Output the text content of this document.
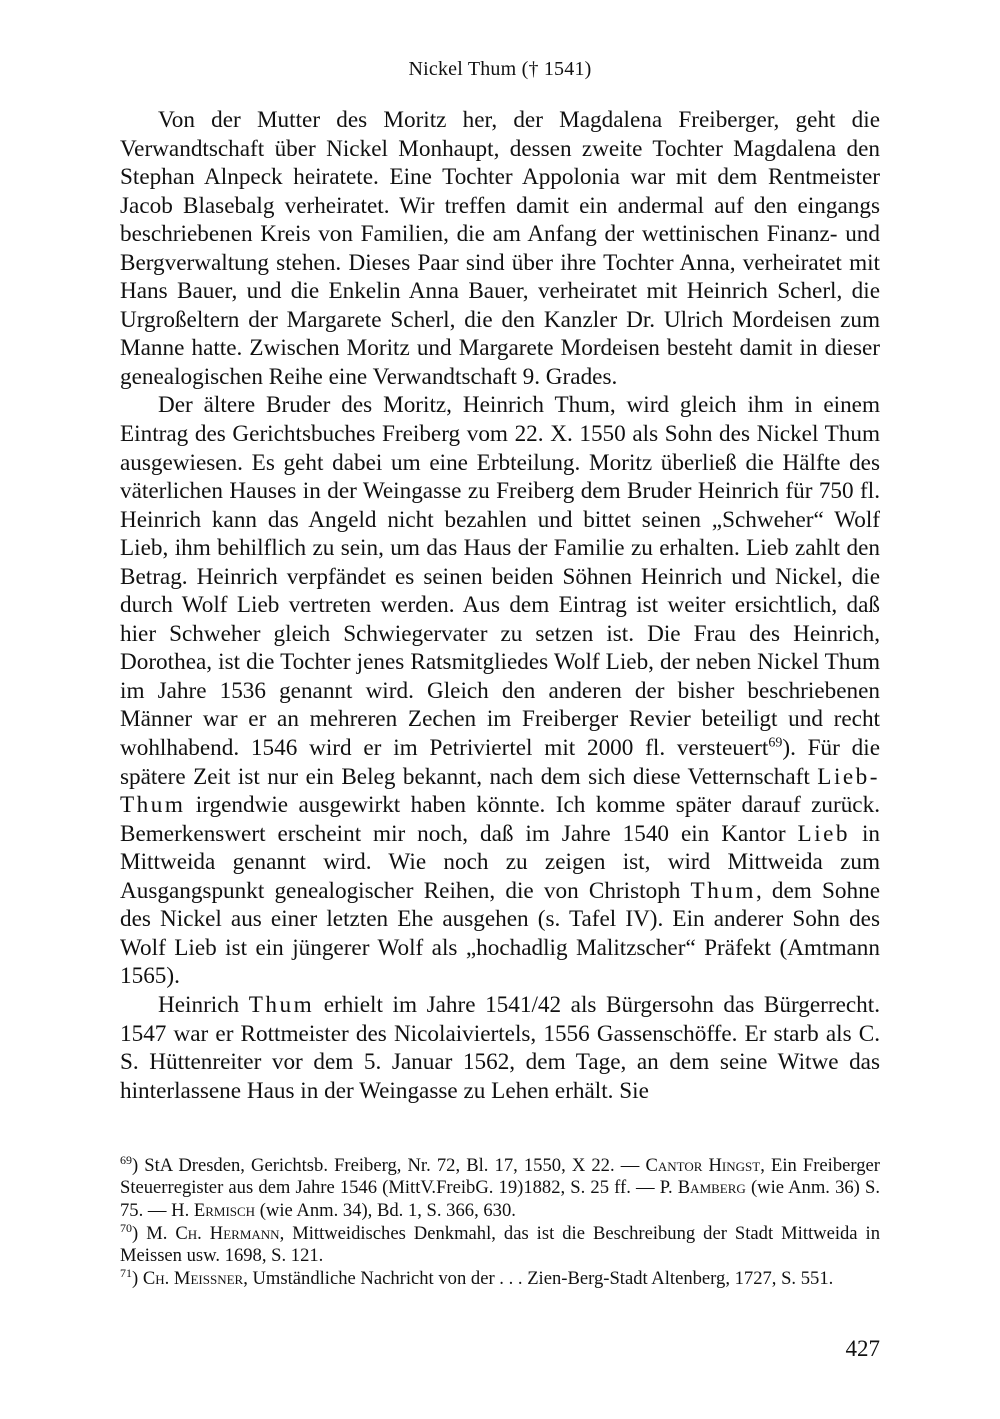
Nickel Thum († 1541)

Von der Mutter des Moritz her, der Magdalena Freiberger, geht die Verwandtschaft über Nickel Monhaupt, dessen zweite Tochter Magdalena den Stephan Alnpeck heiratete. Eine Tochter Appolonia war mit dem Rentmeister Jacob Blasebalg verheiratet. Wir treffen damit ein andermal auf den eingangs beschriebenen Kreis von Familien, die am Anfang der wettinischen Finanz- und Bergverwaltung stehen. Dieses Paar sind über ihre Tochter Anna, verheiratet mit Hans Bauer, und die Enkelin Anna Bauer, verheiratet mit Heinrich Scherl, die Urgroßeltern der Margarete Scherl, die den Kanzler Dr. Ulrich Mordeisen zum Manne hatte. Zwischen Moritz und Margarete Mordeisen besteht damit in dieser genealogischen Reihe eine Verwandtschaft 9. Grades.

Der ältere Bruder des Moritz, Heinrich Thum, wird gleich ihm in einem Eintrag des Gerichtsbuches Freiberg vom 22. X. 1550 als Sohn des Nickel Thum ausgewiesen. Es geht dabei um eine Erbteilung. Moritz überließ die Hälfte des väterlichen Hauses in der Weingasse zu Freiberg dem Bruder Heinrich für 750 fl. Heinrich kann das Angeld nicht bezahlen und bittet seinen „Schweher“ Wolf Lieb, ihm behilflich zu sein, um das Haus der Familie zu erhalten. Lieb zahlt den Betrag. Heinrich verpfändet es seinen beiden Söhnen Heinrich und Nickel, die durch Wolf Lieb vertreten werden. Aus dem Eintrag ist weiter ersichtlich, daß hier Schweher gleich Schwiegervater zu setzen ist. Die Frau des Heinrich, Dorothea, ist die Tochter jenes Ratsmitgliedes Wolf Lieb, der neben Nickel Thum im Jahre 1536 genannt wird. Gleich den anderen der bisher beschriebenen Männer war er an mehreren Zechen im Freiberger Revier beteiligt und recht wohlhabend. 1546 wird er im Petriviertel mit 2000 fl. versteuert$^{69}$). Für die spätere Zeit ist nur ein Beleg bekannt, nach dem sich diese Vetternschaft Lieb-Thum irgendwie ausgewirkt haben könnte. Ich komme später darauf zurück. Bemerkenswert erscheint mir noch, daß im Jahre 1540 ein Kantor Lieb in Mittweida genannt wird. Wie noch zu zeigen ist, wird Mittweida zum Ausgangspunkt genealogischer Reihen, die von Christoph Thum, dem Sohne des Nickel aus einer letzten Ehe ausgehen (s. Tafel IV). Ein anderer Sohn des Wolf Lieb ist ein jüngerer Wolf als „hochadlig Malitzscher“ Präfekt (Amtmann 1565).

Heinrich Thum erhielt im Jahre 1541/42 als Bürgersohn das Bürgerrecht. 1547 war er Rottmeister des Nicolaiviertels, 1556 Gassenschöffe. Er starb als C. S. Hüttenreiter vor dem 5. Januar 1562, dem Tage, an dem seine Witwe das hinterlassene Haus in der Weingasse zu Lehen erhält. Sie

$^{69}$) StA Dresden, Gerichtsb. Freiberg, Nr. 72, Bl. 17, 1550, X 22. — Cantor Hingst, Ein Freiberger Steuerregister aus dem Jahre 1546 (MittV.FreibG. 19)1882, S. 25 ff. — P. Bamberg (wie Anm. 36) S. 75. — H. Ermisch (wie Anm. 34), Bd. 1, S. 366, 630.

$^{70}$) M. Ch. Hermann, Mittweidisches Denkmahl, das ist die Beschreibung der Stadt Mittweida in Meissen usw. 1698, S. 121.

$^{71}$) Ch. Meissner, Umständliche Nachricht von der . . . Zien-Berg-Stadt Altenberg, 1727, S. 551.

427
